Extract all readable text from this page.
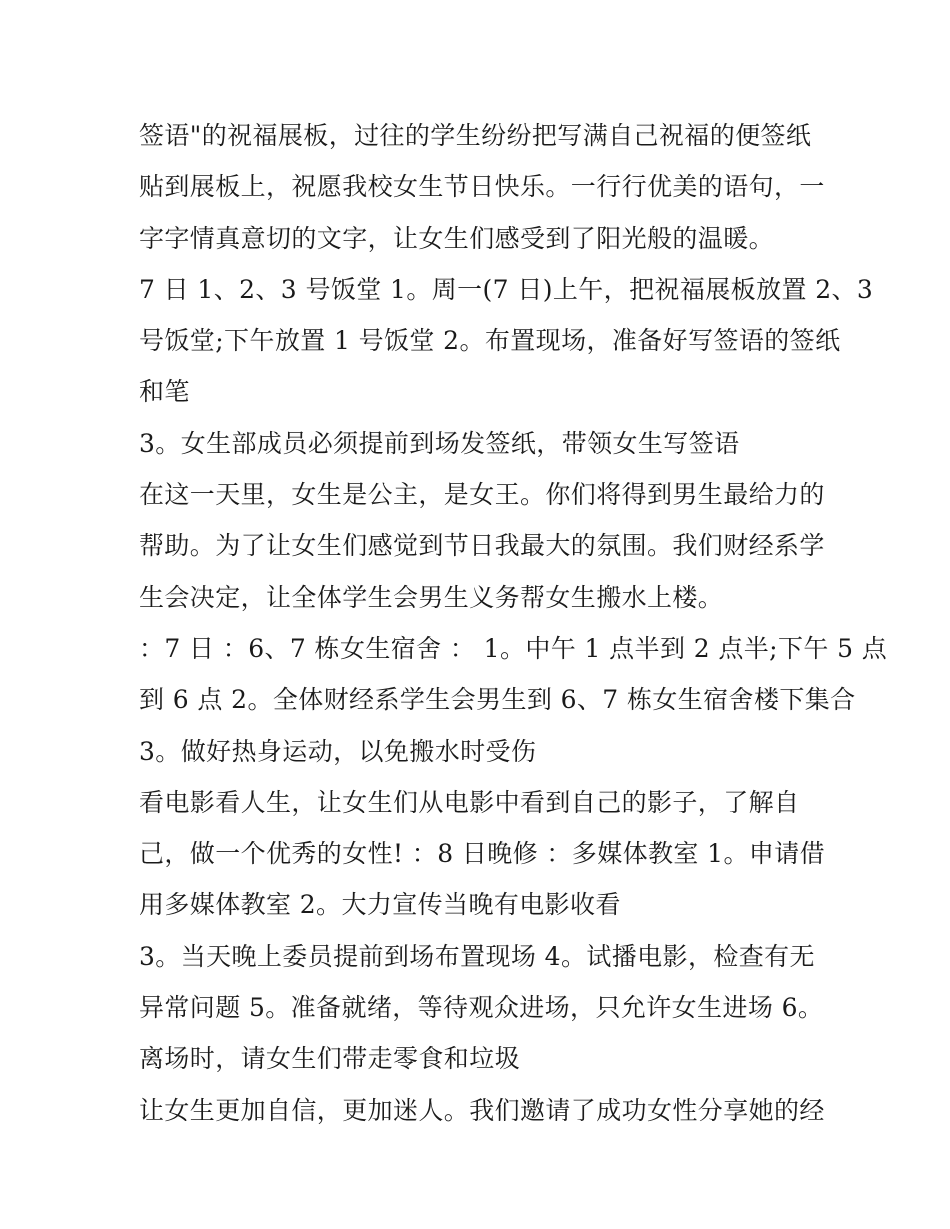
签语"的祝福展板，过往的学生纷纷把写满自己祝福的便签纸
贴到展板上，祝愿我校女生节日快乐。一行行优美的语句，一
字字情真意切的文字，让女生们感受到了阳光般的温暖。
7 日 1、2、3 号饭堂 1。周一(7 日)上午，把祝福展板放置 2、3
号饭堂;下午放置 1 号饭堂 2。布置现场，准备好写签语的签纸
和笔
3。女生部成员必须提前到场发签纸，带领女生写签语
在这一天里，女生是公主，是女王。你们将得到男生最给力的
帮助。为了让女生们感觉到节日我最大的氛围。我们财经系学
生会决定，让全体学生会男生义务帮女生搬水上楼。
：7 日 ：6、7 栋女生宿舍 ： 1。中午 1 点半到 2 点半;下午 5 点
到 6 点 2。全体财经系学生会男生到 6、7 栋女生宿舍楼下集合
3。做好热身运动，以免搬水时受伤
看电影看人生，让女生们从电影中看到自己的影子，了解自
己，做一个优秀的女性! ：8 日晚修 ：多媒体教室 1。申请借
用多媒体教室 2。大力宣传当晚有电影收看
3。当天晚上委员提前到场布置现场 4。试播电影，检查有无
异常问题 5。准备就绪，等待观众进场，只允许女生进场 6。
离场时，请女生们带走零食和垃圾
让女生更加自信，更加迷人。我们邀请了成功女性分享她的经
